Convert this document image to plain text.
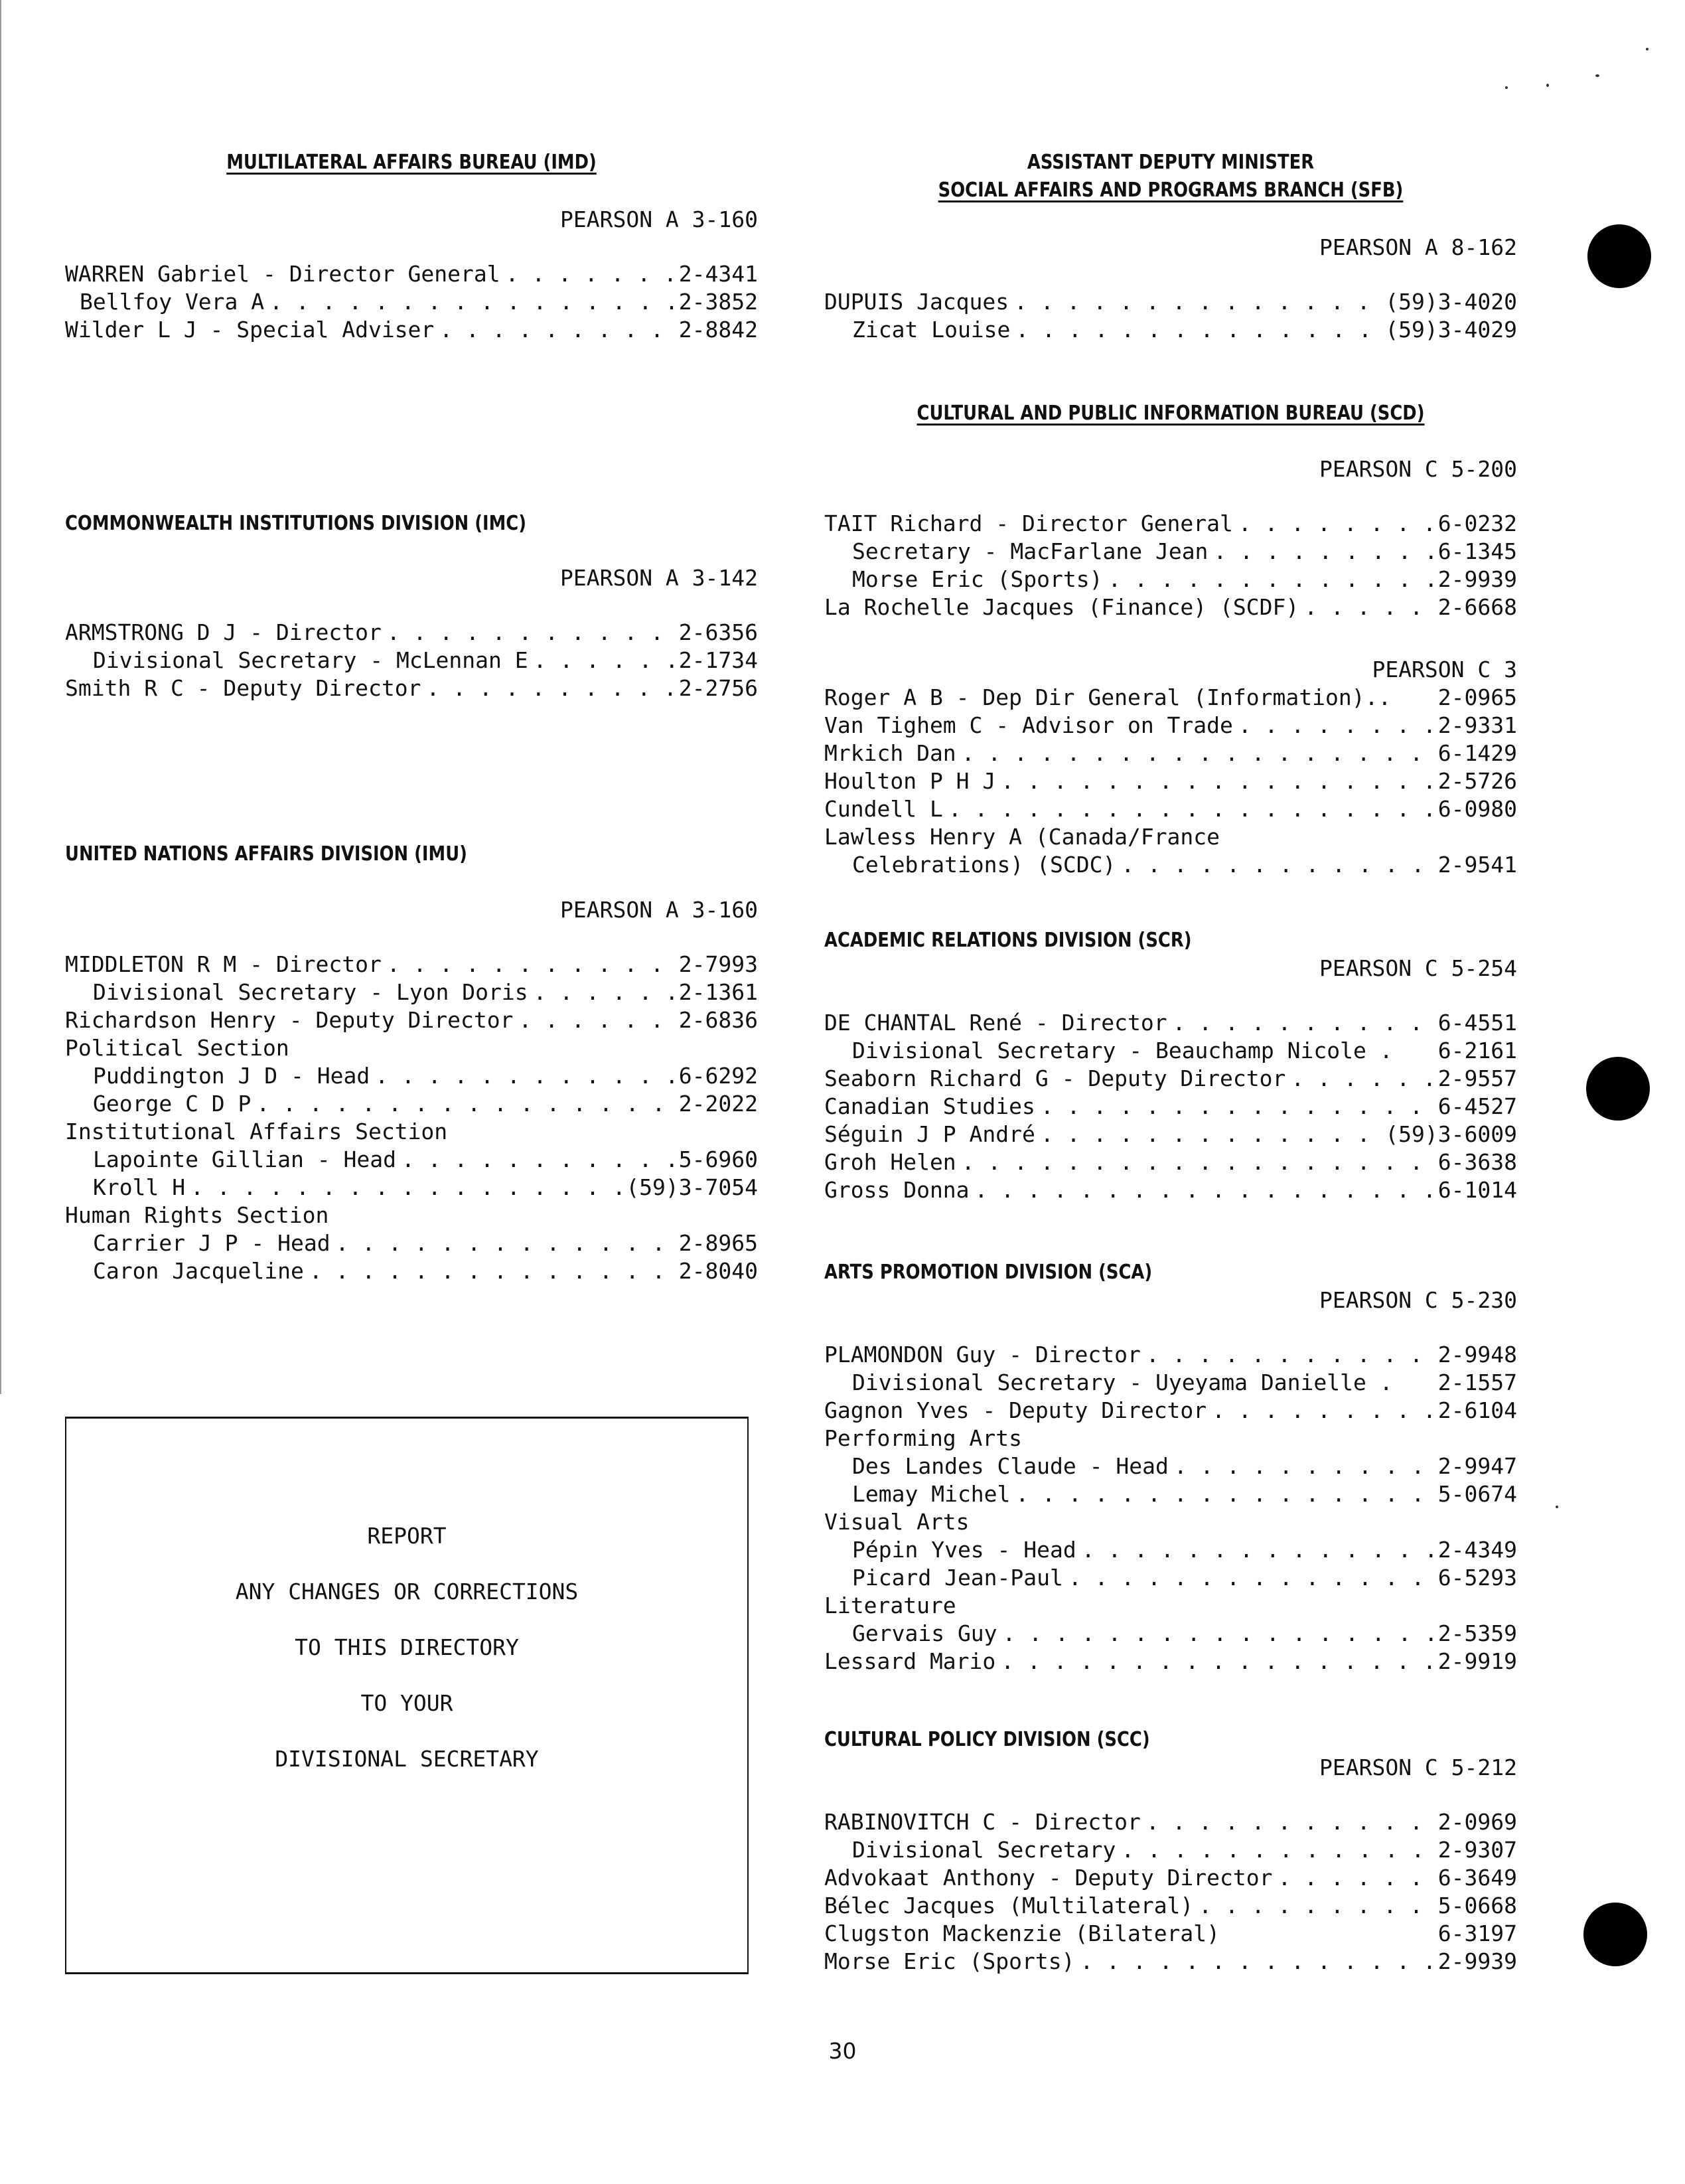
MULTILATERAL AFFAIRS BUREAU (IMD)
PEARSON A 3-160
WARREN Gabriel - Director General . . .	2-4341
Bellfoy Vera A . . .	2-3852
Wilder L J - Special Adviser . . .	2-8842
COMMONWEALTH INSTITUTIONS DIVISION (IMC)
PEARSON A 3-142
ARMSTRONG D J - Director . . .	2-6356
Divisional Secretary - McLennan E . . .	2-1734
Smith R C - Deputy Director . . .	2-2756
UNITED NATIONS AFFAIRS DIVISION (IMU)
PEARSON A 3-160
MIDDLETON R M - Director . . .	2-7993
Divisional Secretary - Lyon Doris . . .	2-1361
Richardson Henry - Deputy Director . . .	2-6836
Political Section
Puddington J D - Head . . .	6-6292
George C D P . . .	2-2022
Institutional Affairs Section
Lapointe Gillian - Head . . .	5-6960
Kroll H . . .	(59)3-7054
Human Rights Section
Carrier J P - Head . . .	2-8965
Caron Jacqueline . . .	2-8040
REPORT
ANY CHANGES OR CORRECTIONS
TO THIS DIRECTORY
TO YOUR
DIVISIONAL SECRETARY
ASSISTANT DEPUTY MINISTER
SOCIAL AFFAIRS AND PROGRAMS BRANCH (SFB)
PEARSON A 8-162
DUPUIS Jacques . . .	(59)3-4020
Zicat Louise . . .	(59)3-4029
CULTURAL AND PUBLIC INFORMATION BUREAU (SCD)
PEARSON C 5-200
TAIT Richard - Director General . . .	6-0232
Secretary - MacFarlane Jean . . .	6-1345
Morse Eric (Sports) . . .	2-9939
La Rochelle Jacques (Finance) (SCDF) . . .	2-6668
PEARSON C 3
Roger A B - Dep Dir General (Information).. 2-0965
Van Tighem C - Advisor on Trade . . .	2-9331
Mrkich Dan . . .	6-1429
Houlton P H J . . .	2-5726
Cundell L . . .	6-0980
Lawless Henry A (Canada/France
Celebrations) (SCDC) . . .	2-9541
ACADEMIC RELATIONS DIVISION (SCR)
PEARSON C 5-254
DE CHANTAL René - Director . . .	6-4551
Divisional Secretary - Beauchamp Nicole . 6-2161
Seaborn Richard G - Deputy Director . . .	2-9557
Canadian Studies . . .	6-4527
Séguin J P André . . .	(59)3-6009
Groh Helen . . .	6-3638
Gross Donna . . .	6-1014
ARTS PROMOTION DIVISION (SCA)
PEARSON C 5-230
PLAMONDON Guy - Director . . .	2-9948
Divisional Secretary - Uyeyama Danielle . 2-1557
Gagnon Yves - Deputy Director . . .	2-6104
Performing Arts
Des Landes Claude - Head . . .	2-9947
Lemay Michel . . .	5-0674
Visual Arts
Pépin Yves - Head . . .	2-4349
Picard Jean-Paul . . .	6-5293
Literature
Gervais Guy . . .	2-5359
Lessard Mario . . .	2-9919
CULTURAL POLICY DIVISION (SCC)
PEARSON C 5-212
RABINOVITCH C - Director . . .	2-0969
Divisional Secretary . . .	2-9307
Advokaat Anthony - Deputy Director . . .	6-3649
Bélec Jacques (Multilateral) . . .	5-0668
Clugston Mackenzie (Bilateral)	6-3197
Morse Eric (Sports) . . .	2-9939
30
